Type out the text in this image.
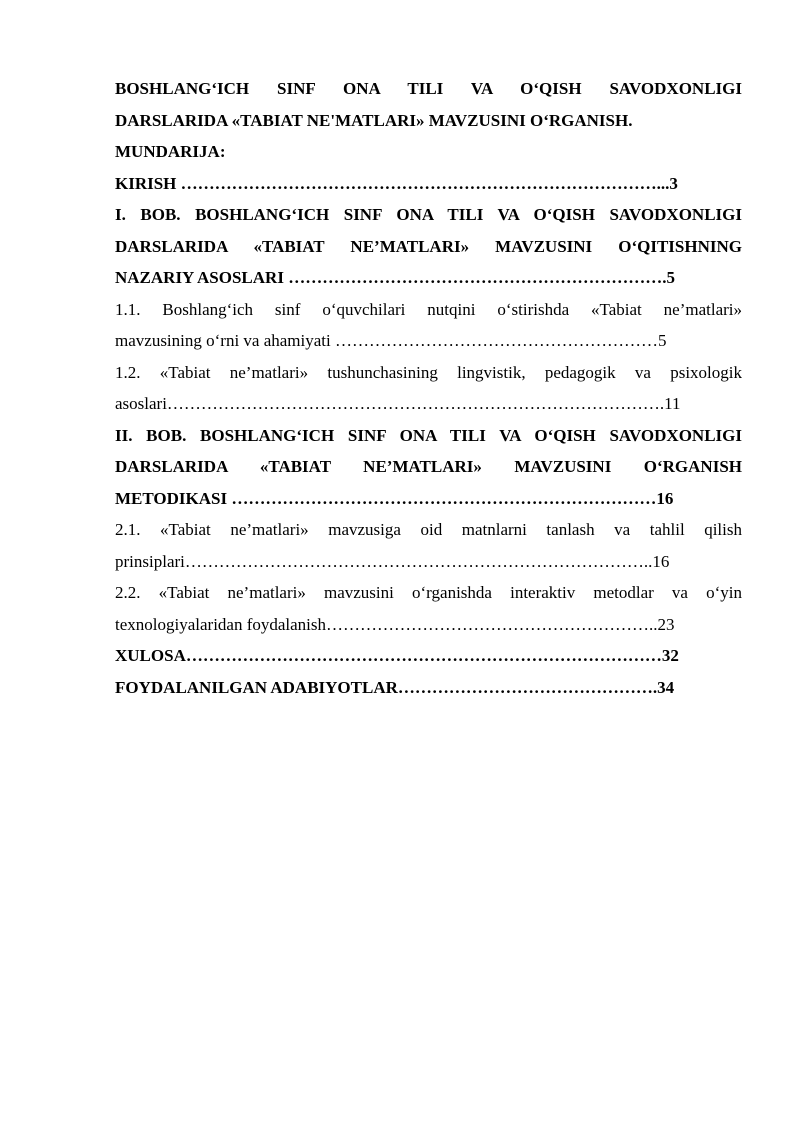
BOSHLANG‘ICH SINF ONA TILI VA O‘QISH SAVODXONLIGI
DARSLARIDA «TABIAT NE'MATLARI» MAVZUSINI O‘RGANISH.
MUNDARIJA:
KIRISH …………………………………………………………………………...3
I. BOB. BOSHLANG‘ICH SINF ONA TILI VA O‘QISH SAVODXONLIGI
DARSLARIDA «TABIAT NE’MATLARI» MAVZUSINI O‘QITISHNING
NAZARIY ASOSLARI ………………………………………………………….5
1.1. Boshlang‘ich sinf o‘quvchilari nutqini o‘stirishda «Tabiat ne’matlari»
mavzusining o‘rni va ahamiyati …………………………………………………5
1.2. «Tabiat ne’matlari» tushunchasining lingvistik, pedagogik va psixologik
asoslari…………………………………………………………………………….11
II. BOB. BOSHLANG‘ICH SINF ONA TILI VA O‘QISH SAVODXONLIGI
DARSLARIDA «TABIAT NE’MATLARI» MAVZUSINI O‘RGANISH
METODIKASI …………………………………………………………………16
2.1. «Tabiat ne’matlari» mavzusiga oid matnlarni tanlash va tahlil qilish
prinsiplari………………………………………………………………………..16
2.2. «Tabiat ne’matlari» mavzusini o‘rganishda interaktiv metodlar va o‘yin
texnologiyalaridan foydalanish…………………………………………………..23
XULOSA…………………………………………………………………………32
FOYDALANILGAN ADABIYOTLAR……………………………………….34
